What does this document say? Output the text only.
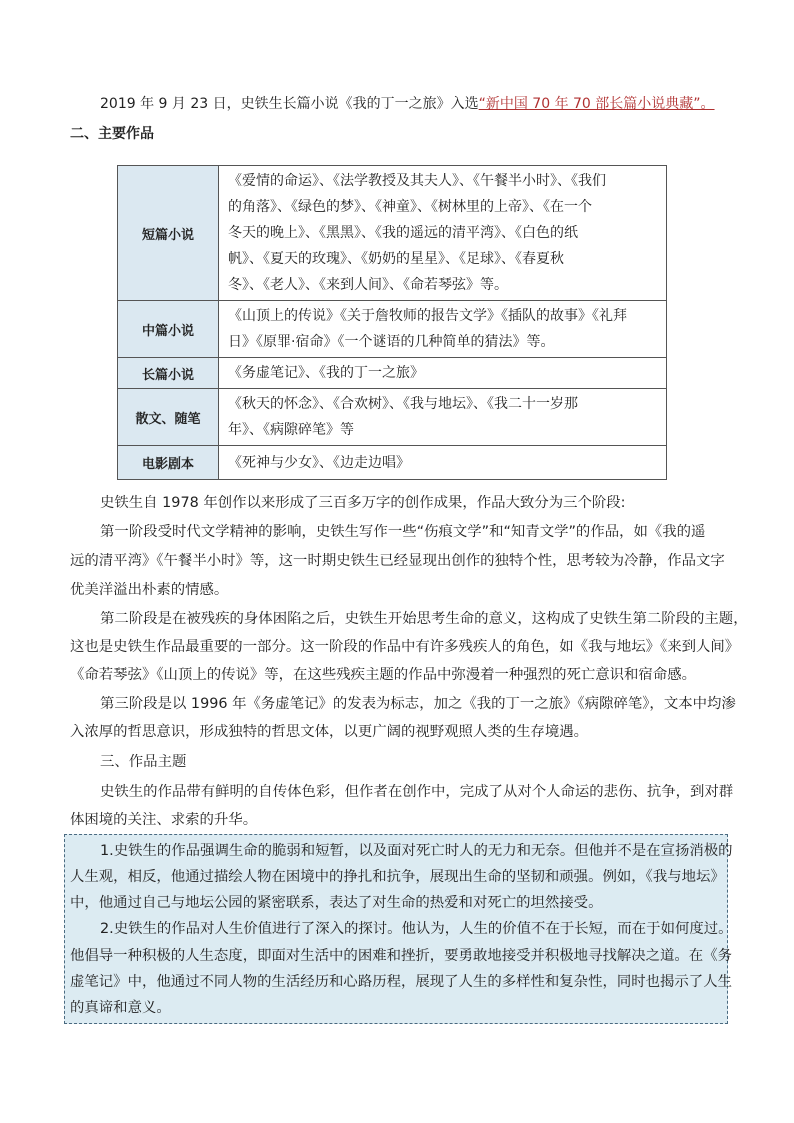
2019 年 9 月 23 日，史铁生长篇小说《我的丁一之旅》入选“新中国 70 年 70 部长篇小说典藏”。
二、主要作品
短篇小说	《爱情的命运》、《法学教授及其夫人》、《午餐半小时》、《我们
的角落》、《绿色的梦》、《神童》、《树林里的上帝》、《在一个
冬天的晚上》、《黑黑》、《我的遥远的清平湾》、《白色的纸
帆》、《夏天的玫瑰》、《奶奶的星星》、《足球》、《春夏秋
冬》、《老人》、《来到人间》、《命若琴弦》等。

中篇小说	《山顶上的传说》《关于詹牧师的报告文学》《插队的故事》《礼拜
日》《原罪·宿命》《一个谜语的几种简单的猜法》等。

长篇小说	《务虚笔记》、《我的丁一之旅》

散文、随笔	《秋天的怀念》、《合欢树》、《我与地坛》、《我二十一岁那
年》、《病隙碎笔》等

电影剧本	《死神与少女》、《边走边唱》
史铁生自 1978 年创作以来形成了三百多万字的创作成果，作品大致分为三个阶段:
第一阶段受时代文学精神的影响，史铁生写作一些“伤痕文学”和“知青文学”的作品，如《我的遥
远的清平湾》《午餐半小时》等，这一时期史铁生已经显现出创作的独特个性，思考较为冷静，作品文字
优美洋溢出朴素的情感。
第二阶段是在被残疾的身体困陷之后，史铁生开始思考生命的意义，这构成了史铁生第二阶段的主题，
这也是史铁生作品最重要的一部分。这一阶段的作品中有许多残疾人的角色，如《我与地坛》《来到人间》
《命若琴弦》《山顶上的传说》等，在这些残疾主题的作品中弥漫着一种强烈的死亡意识和宿命感。
第三阶段是以 1996 年《务虚笔记》的发表为标志，加之《我的丁一之旅》《病隙碎笔》，文本中均渗
入浓厚的哲思意识，形成独特的哲思文体，以更广阔的视野观照人类的生存境遇。
三、作品主题
史铁生的作品带有鲜明的自传体色彩，但作者在创作中，完成了从对个人命运的悲伤、抗争，到对群
体困境的关注、求索的升华。
1.史铁生的作品强调生命的脆弱和短暂，以及面对死亡时人的无力和无奈。但他并不是在宣扬消极的
人生观，相反，他通过描绘人物在困境中的挣扎和抗争，展现出生命的坚韧和顽强。例如，《我与地坛》
中，他通过自己与地坛公园的紧密联系，表达了对生命的热爱和对死亡的坦然接受。
2.史铁生的作品对人生价值进行了深入的探讨。他认为，人生的价值不在于长短，而在于如何度过。
他倡导一种积极的人生态度，即面对生活中的困难和挫折，要勇敢地接受并积极地寻找解决之道。在《务
虚笔记》中，他通过不同人物的生活经历和心路历程，展现了人生的多样性和复杂性，同时也揭示了人生
的真谛和意义。
